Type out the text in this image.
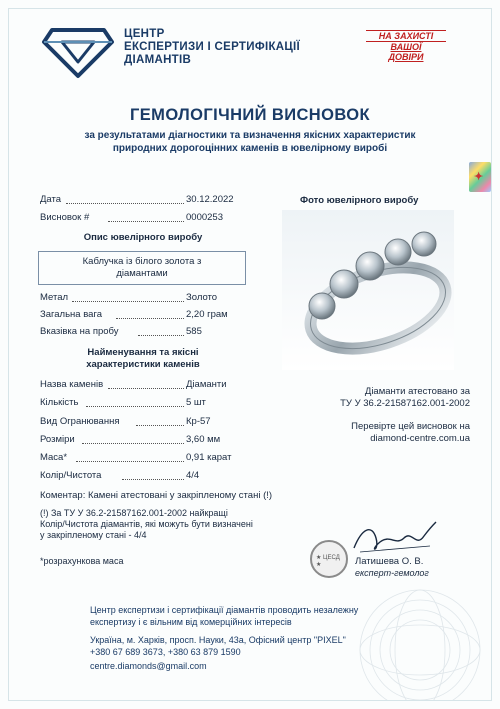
ЦЕНТР
ЕКСПЕРТИЗИ І СЕРТИФІКАЦІЇ
ДІАМАНТІВ
НА ЗАХИСТІ
ВАШОЇ
ДОВІРИ
ГЕМОЛОГІЧНИЙ ВИСНОВОК
за результатами діагностики та визначення якісних характеристик
природних дорогоцінних каменів в ювелірному виробі
✦
Дата	30.12.2022
Висновок #	0000253
Опис ювелірного виробу
Каблучка із білого золота з
діамантами
Метал	Золото
Загальна вага	2,20 грам
Вказівка на пробу	585
Найменування та якісні
характеристики каменів
Назва каменів	Діаманти
Кількість	5 шт
Вид Огранювання	Кр-57
Розміри	3,60 мм
Маса*	0,91 карат
Колір/Чистота	4/4
Коментар: Камені атестовані у закріпленому стані (!)
(!) За ТУ У 36.2-21587162.001-2002 найкращі
Колір/Чистота діамантів, які можуть бути визначені
у закріпленому стані - 4/4
*розрахункова маса
Фото ювелірного виробу
Діаманти атестовано за
ТУ У 36.2-21587162.001-2002
Перевірте цей висновок на
diamond-centre.com.ua
★ ЦЕСД ★	Латишева О. В.
експерт-гемолог
Центр експертизи і сертифікації діамантів проводить незалежну
експертизу і є вільним від комерційних інтересів
Україна, м. Харків, просп. Науки, 43а, Офісний центр "PIXEL"
+380 67 689 3673, +380 63 879 1590
centre.diamonds@gmail.com
